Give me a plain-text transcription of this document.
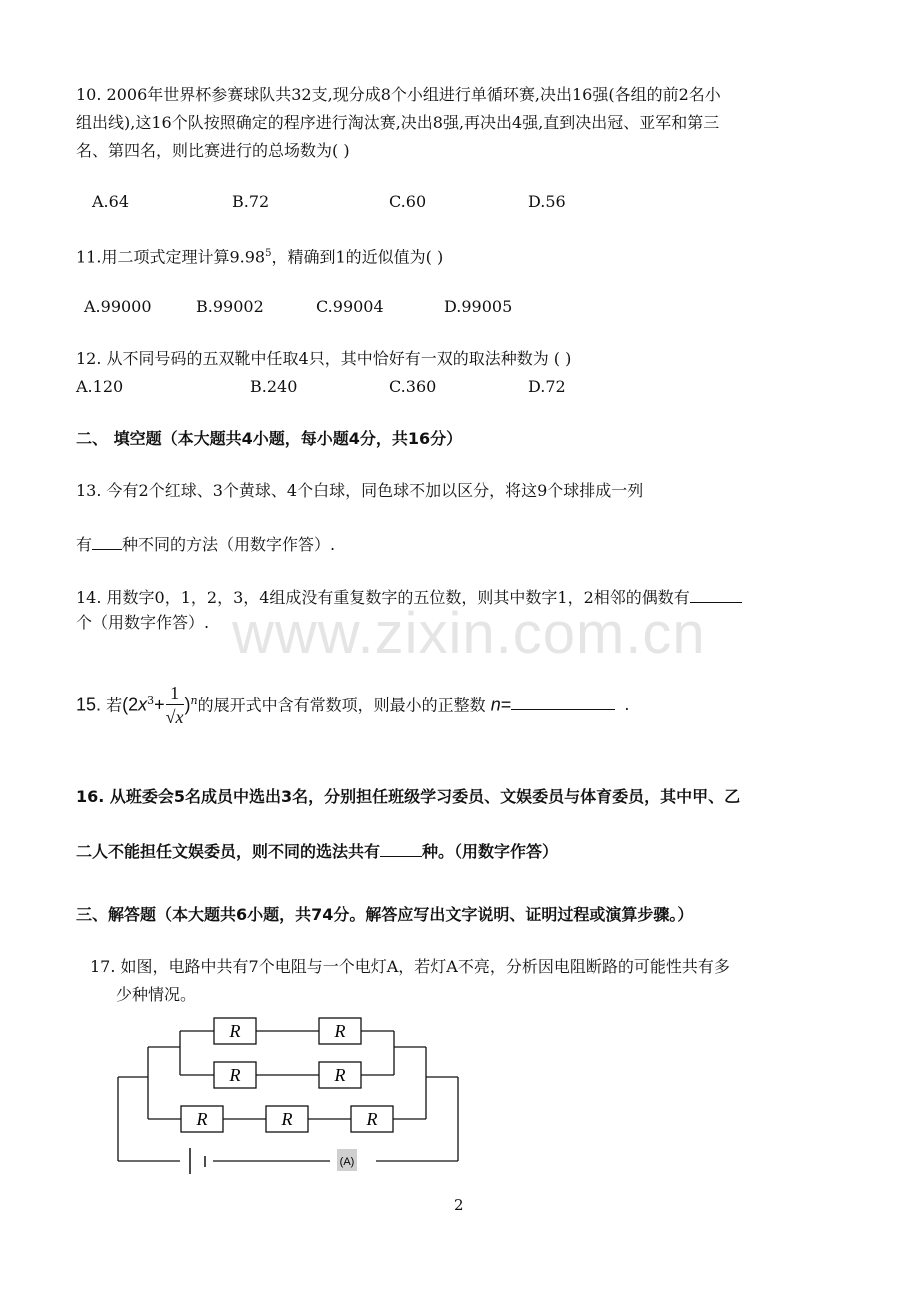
www.zixin.com.cn
10. 2006年世界杯参赛球队共32支,现分成8个小组进行单循环赛,决出16强(各组的前2名小
组出线),这16个队按照确定的程序进行淘汰赛,决出8强,再决出4强,直到决出冠、亚军和第三
名、第四名，则比赛进行的总场数为( )
A.64	B.72	C.60	D.56
11.用二项式定理计算9.98$^5$，精确到1的近似值为( )
A.99000	B.99002	C.99004	D.99005
12. 从不同号码的五双靴中任取4只，其中恰好有一双的取法种数为 ( )
A.120	B.240	C.360	D.72
二、 填空题（本大题共4小题，每小题4分，共16分）
13. 今有2个红球、3个黄球、4个白球，同色球不加以区分，将这9个球排成一列
有 种不同的方法（用数字作答）.
14. 用数字0，1，2，3，4组成没有重复数字的五位数，则其中数字1，2相邻的偶数有
个（用数字作答）.
15. 若$(2x^3+ \frac{1}{√x} )^n$的展开式中含有常数项，则最小的正整数 n=	.
16. 从班委会5名成员中选出3名，分别担任班级学习委员、文娱委员与体育委员，其中甲、乙
二人不能担任文娱委员，则不同的选法共有	种。（用数字作答）
三、解答题（本大题共6小题，共74分。解答应写出文字说明、证明过程或演算步骤。）
17. 如图，电路中共有7个电阻与一个电灯A，若灯A不亮，分析因电阻断路的可能性共有多
少种情况。
R	R
R	R
R	R	R
(A)
2
